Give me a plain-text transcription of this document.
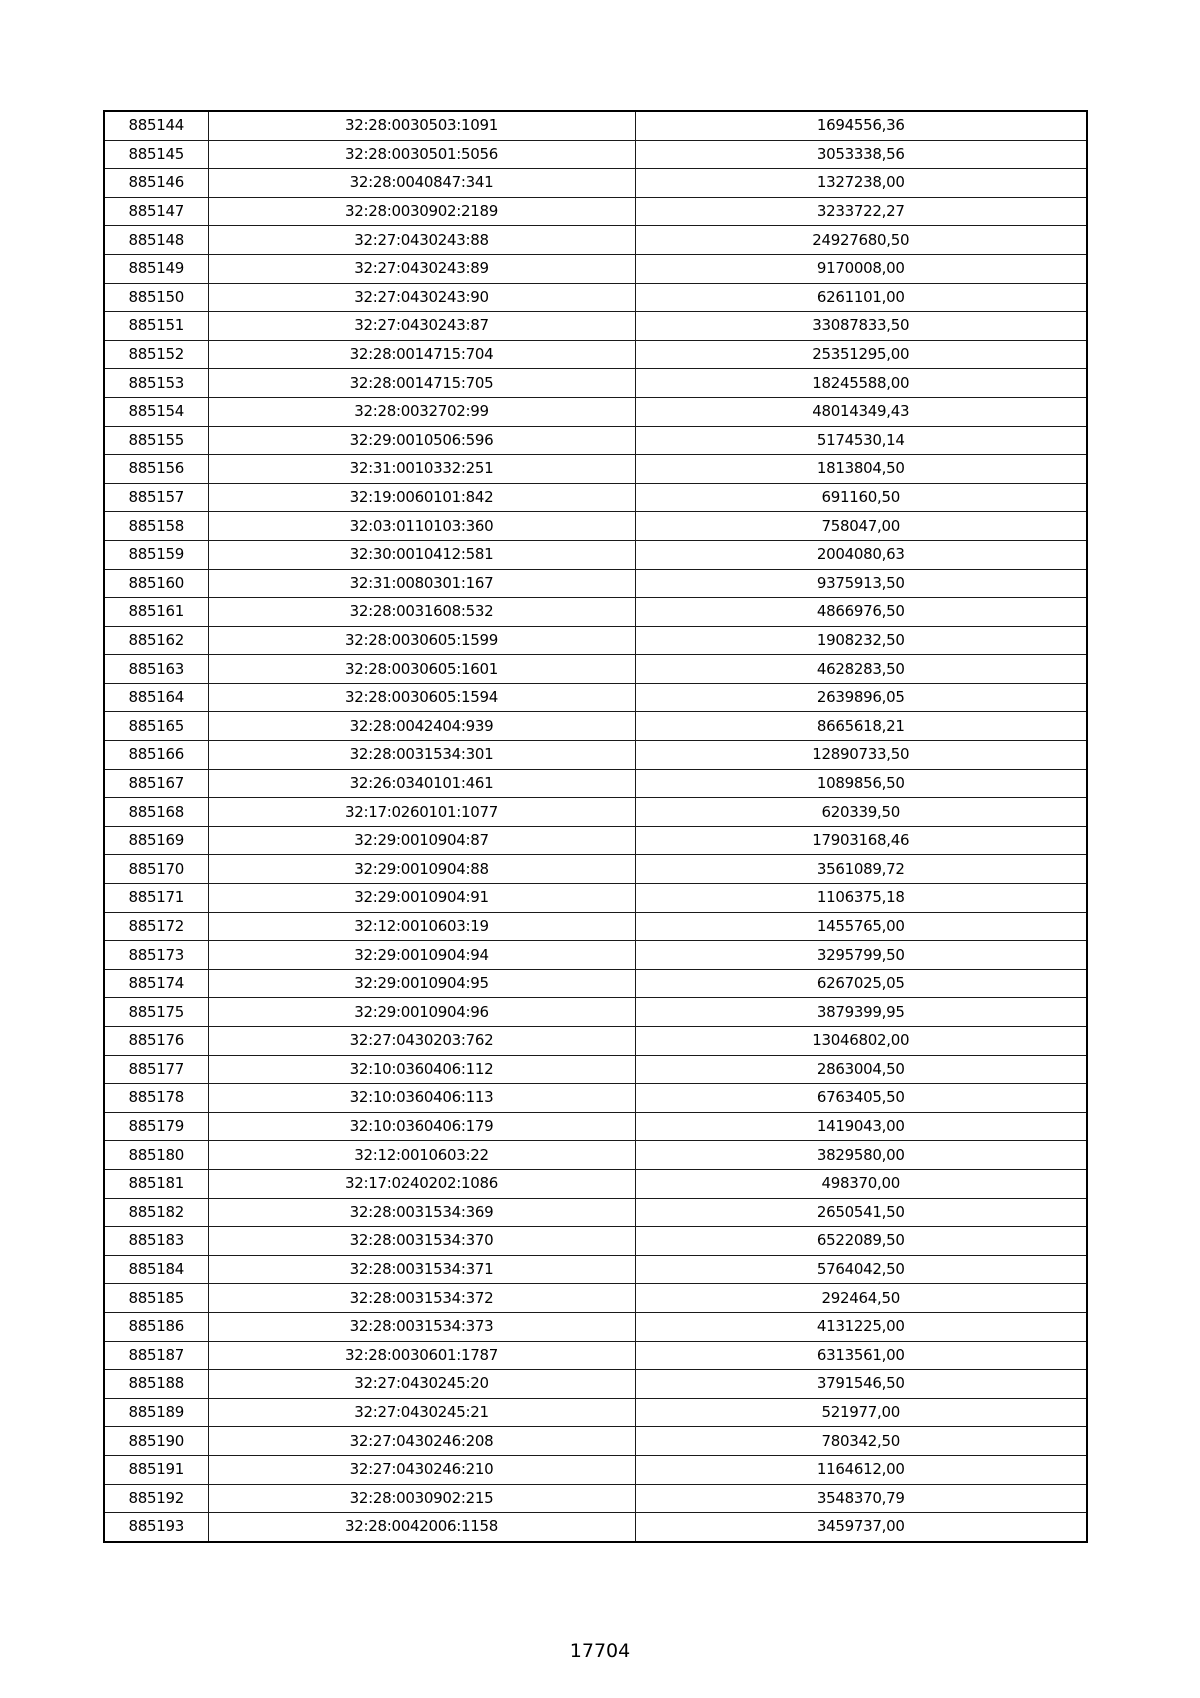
885144	32:28:0030503:1091	1694556,36
885145	32:28:0030501:5056	3053338,56
885146	32:28:0040847:341	1327238,00
885147	32:28:0030902:2189	3233722,27
885148	32:27:0430243:88	24927680,50
885149	32:27:0430243:89	9170008,00
885150	32:27:0430243:90	6261101,00
885151	32:27:0430243:87	33087833,50
885152	32:28:0014715:704	25351295,00
885153	32:28:0014715:705	18245588,00
885154	32:28:0032702:99	48014349,43
885155	32:29:0010506:596	5174530,14
885156	32:31:0010332:251	1813804,50
885157	32:19:0060101:842	691160,50
885158	32:03:0110103:360	758047,00
885159	32:30:0010412:581	2004080,63
885160	32:31:0080301:167	9375913,50
885161	32:28:0031608:532	4866976,50
885162	32:28:0030605:1599	1908232,50
885163	32:28:0030605:1601	4628283,50
885164	32:28:0030605:1594	2639896,05
885165	32:28:0042404:939	8665618,21
885166	32:28:0031534:301	12890733,50
885167	32:26:0340101:461	1089856,50
885168	32:17:0260101:1077	620339,50
885169	32:29:0010904:87	17903168,46
885170	32:29:0010904:88	3561089,72
885171	32:29:0010904:91	1106375,18
885172	32:12:0010603:19	1455765,00
885173	32:29:0010904:94	3295799,50
885174	32:29:0010904:95	6267025,05
885175	32:29:0010904:96	3879399,95
885176	32:27:0430203:762	13046802,00
885177	32:10:0360406:112	2863004,50
885178	32:10:0360406:113	6763405,50
885179	32:10:0360406:179	1419043,00
885180	32:12:0010603:22	3829580,00
885181	32:17:0240202:1086	498370,00
885182	32:28:0031534:369	2650541,50
885183	32:28:0031534:370	6522089,50
885184	32:28:0031534:371	5764042,50
885185	32:28:0031534:372	292464,50
885186	32:28:0031534:373	4131225,00
885187	32:28:0030601:1787	6313561,00
885188	32:27:0430245:20	3791546,50
885189	32:27:0430245:21	521977,00
885190	32:27:0430246:208	780342,50
885191	32:27:0430246:210	1164612,00
885192	32:28:0030902:215	3548370,79
885193	32:28:0042006:1158	3459737,00
17704
